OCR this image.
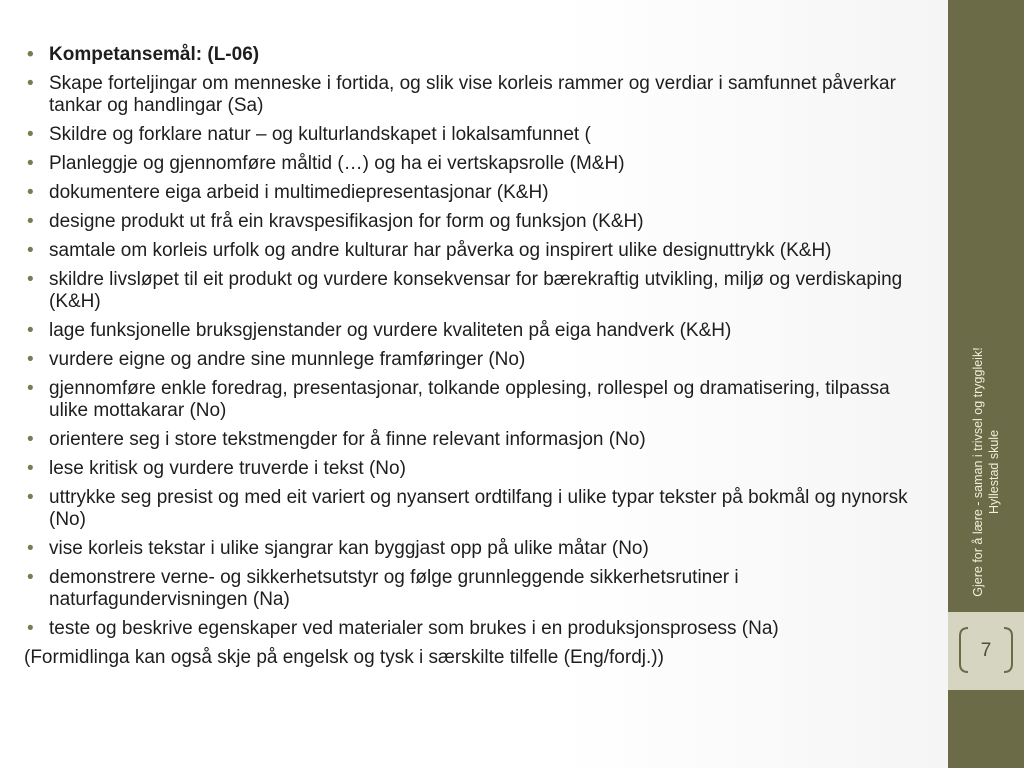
• Kompetansemål: (L-06)
• Skape forteljingar om menneske i fortida, og slik vise korleis rammer og verdiar i samfunnet påverkar tankar og handlingar (Sa)
• Skildre og forklare natur – og kulturlandskapet i lokalsamfunnet (
• Planleggje og gjennomføre måltid (…) og ha ei vertskapsrolle (M&H)
• dokumentere eiga arbeid i multimediepresentasjonar (K&H)
• designe produkt ut frå ein kravspesifikasjon for form og funksjon (K&H)
• samtale om korleis urfolk og andre kulturar har påverka og inspirert ulike designuttrykk (K&H)
• skildre livsløpet til eit produkt og vurdere konsekvensar for bærekraftig utvikling, miljø og verdiskaping (K&H)
• lage funksjonelle bruksgjenstander og vurdere kvaliteten på eiga handverk (K&H)
• vurdere eigne og andre sine munnlege framføringer (No)
• gjennomføre enkle foredrag, presentasjonar, tolkande opplesing, rollespel og dramatisering, tilpassa ulike mottakarar (No)
• orientere seg i store tekstmengder for å finne relevant informasjon (No)
• lese kritisk og vurdere truverde i tekst (No)
• uttrykke seg presist og med eit variert og nyansert ordtilfang i ulike typar tekster på bokmål og nynorsk (No)
• vise korleis tekstar i ulike sjangrar kan byggjast opp på ulike måtar (No)
• demonstrere verne- og sikkerhetsutstyr og følge grunnleggende sikkerhetsrutiner i naturfagundervisningen (Na)
• teste og beskrive egenskaper ved materialer som brukes i en produksjonsprosess (Na)
(Formidlinga kan også skje på engelsk og tysk i særskilte tilfelle (Eng/fordj.))
Gjere for å lære - saman i trivsel og tryggleik! Hyllestad skule
7
